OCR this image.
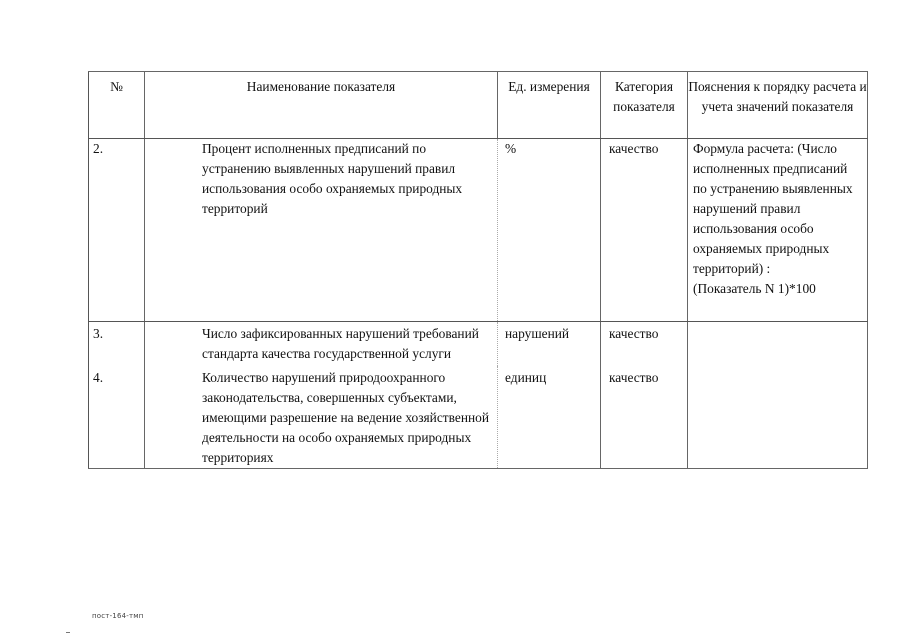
№	Наименование показателя	Ед. измерения	Категория показателя	Пояснения к порядку расчета и учета значений показателя
2.	Процент исполненных предписаний по устранению выявленных нарушений правил использования особо охраняемых природных территорий	%	качество	Формула расчета: (Число исполненных предписаний по устранению выявленных нарушений правил использования особо охраняемых природных территорий) :
(Показатель N 1)*100

3.	Число зафиксированных нарушений требований стандарта качества государственной услуги	нарушений	качество	
4.	Количество нарушений природоохранного законодательства, совершенных субъектами, имеющими разрешение на ведение хозяйственной деятельности на особо охраняемых природных территориях	единиц	качество	
пост-164-тмп
